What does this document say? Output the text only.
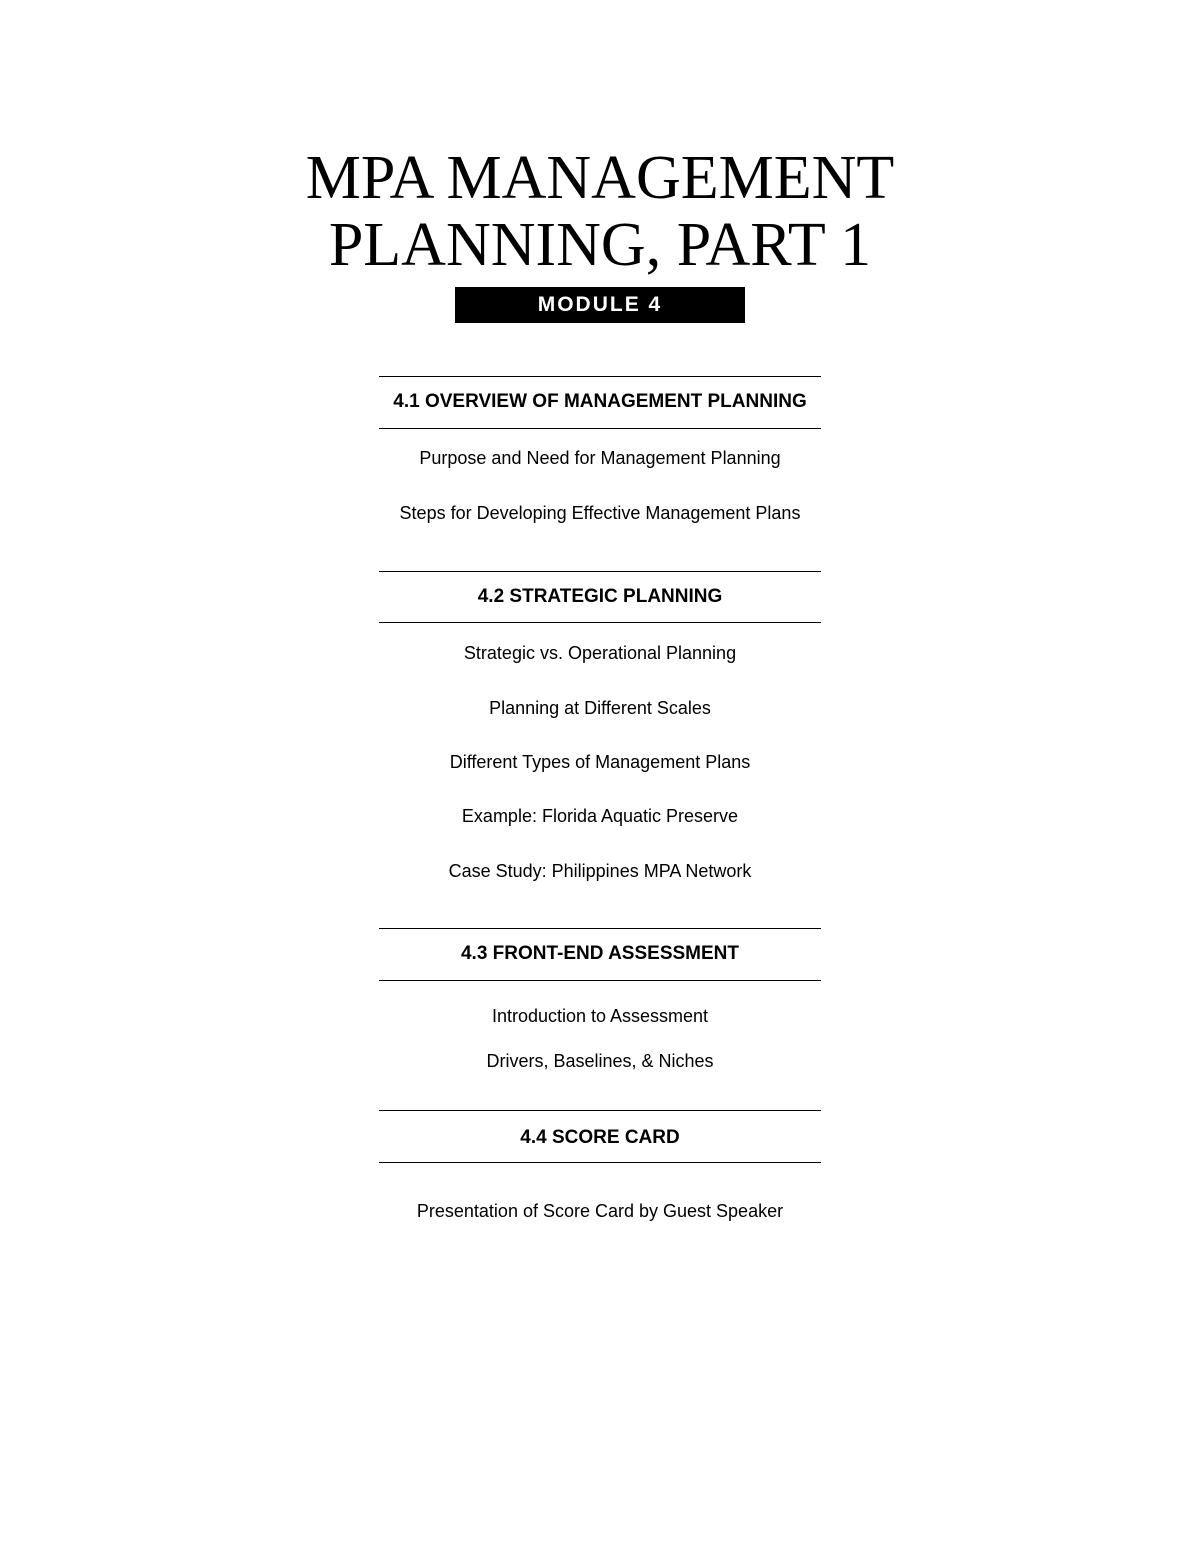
MPA MANAGEMENT
PLANNING, PART 1
MODULE 4
4.1 OVERVIEW OF MANAGEMENT PLANNING
Purpose and Need for Management Planning
Steps for Developing Effective Management Plans
4.2 STRATEGIC PLANNING
Strategic vs. Operational Planning
Planning at Different Scales
Different Types of Management Plans
Example: Florida Aquatic Preserve
Case Study: Philippines MPA Network
4.3 FRONT-END ASSESSMENT
Introduction to Assessment
Drivers, Baselines, & Niches
4.4 SCORE CARD
Presentation of Score Card by Guest Speaker
